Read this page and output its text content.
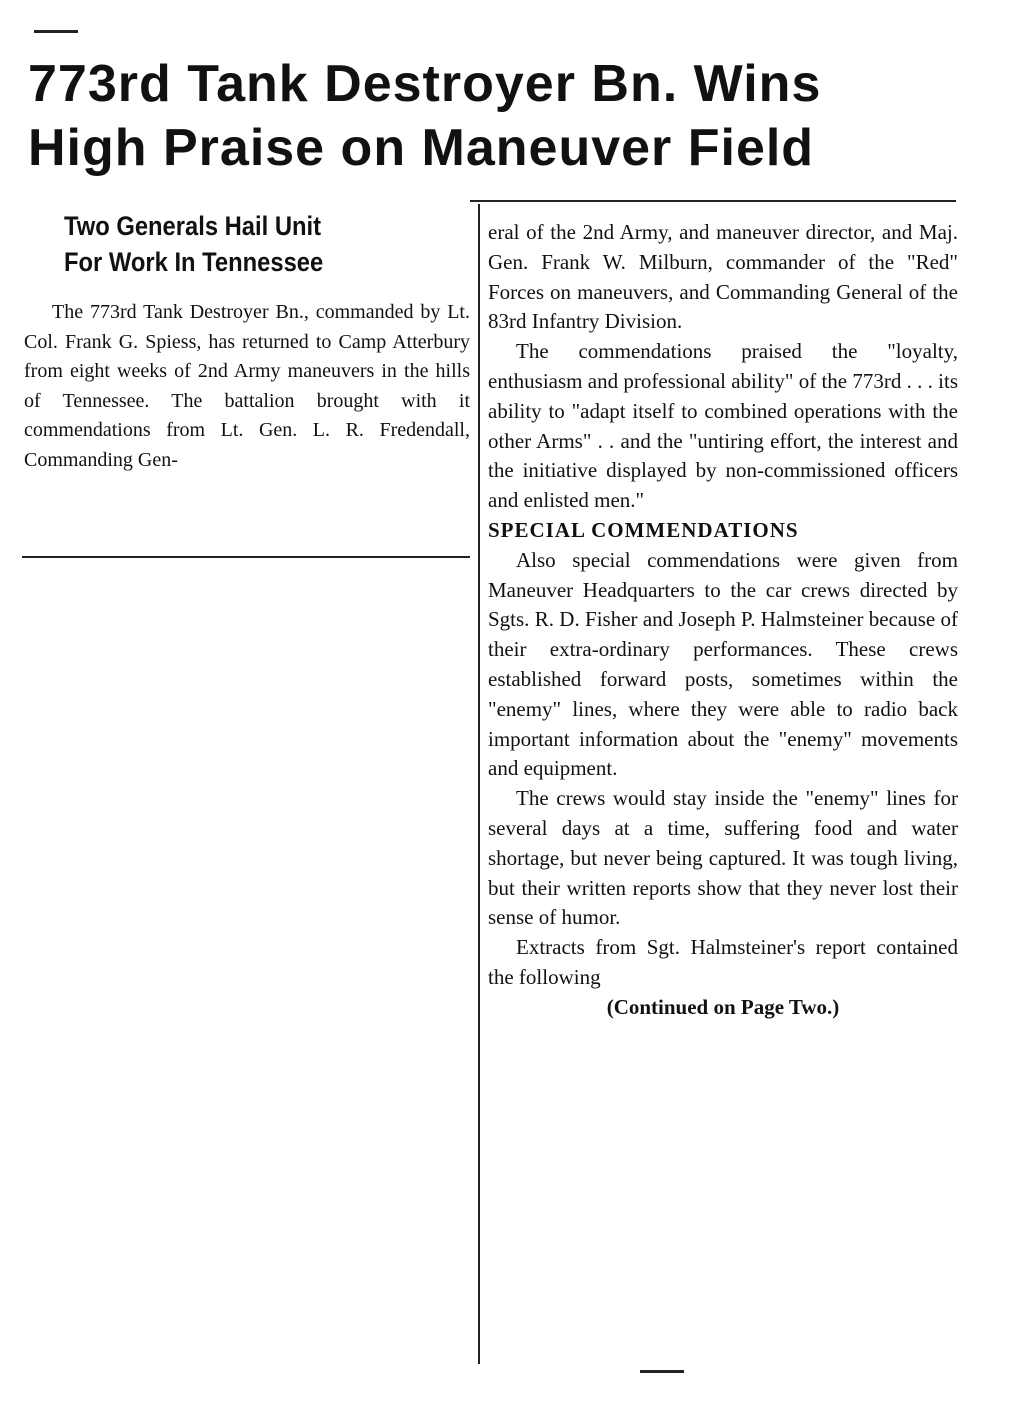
773rd Tank Destroyer Bn. Wins
High Praise on Maneuver Field
Two Generals Hail Unit
For Work In Tennessee

The 773rd Tank Destroyer Bn., commanded by Lt. Col. Frank G. Spiess, has returned to Camp Atterbury from eight weeks of 2nd Army maneuvers in the hills of Tennessee. The battalion brought with it commendations from Lt. Gen. L. R. Fredendall, Commanding Gen-

eral of the 2nd Army, and maneuver director, and Maj. Gen. Frank W. Milburn, commander of the "Red" Forces on maneuvers, and Commanding General of the 83rd Infantry Division.

The commendations praised the "loyalty, enthusiasm and professional ability" of the 773rd . . . its ability to "adapt itself to combined operations with the other Arms" . . and the "untiring effort, the interest and the initiative displayed by non-commissioned officers and enlisted men."

SPECIAL COMMENDATIONS

Also special commendations were given from Maneuver Headquarters to the car crews directed by Sgts. R. D. Fisher and Joseph P. Halmsteiner because of their extra-ordinary performances. These crews established forward posts, sometimes within the "enemy" lines, where they were able to radio back important information about the "enemy" movements and equipment.

The crews would stay inside the "enemy" lines for several days at a time, suffering food and water shortage, but never being captured. It was tough living, but their written reports show that they never lost their sense of humor.

Extracts from Sgt. Halmsteiner's report contained the following

(Continued on Page Two.)
